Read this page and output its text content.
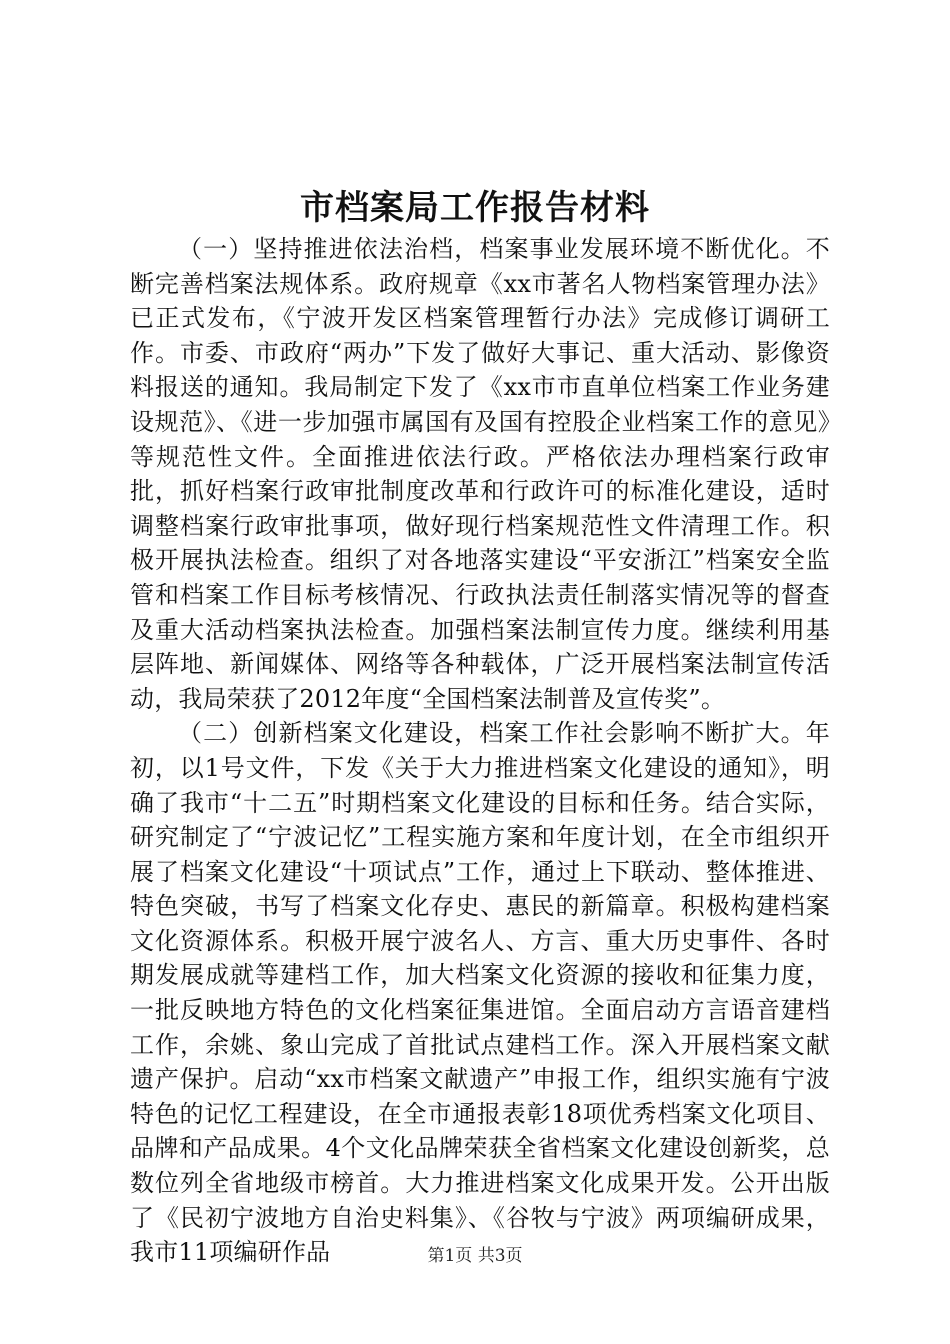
市档案局工作报告材料

（一）坚持推进依法治档，档案事业发展环境不断优化。不断完善档案法规体系。政府规章《xx市著名人物档案管理办法》已正式发布，《宁波开发区档案管理暂行办法》完成修订调研工作。市委、市政府“两办”下发了做好大事记、重大活动、影像资料报送的通知。我局制定下发了《xx市市直单位档案工作业务建设规范》、《进一步加强市属国有及国有控股企业档案工作的意见》等规范性文件。全面推进依法行政。严格依法办理档案行政审批，抓好档案行政审批制度改革和行政许可的标准化建设，适时调整档案行政审批事项，做好现行档案规范性文件清理工作。积极开展执法检查。组织了对各地落实建设“平安浙江”档案安全监管和档案工作目标考核情况、行政执法责任制落实情况等的督查及重大活动档案执法检查。加强档案法制宣传力度。继续利用基层阵地、新闻媒体、网络等各种载体，广泛开展档案法制宣传活动，我局荣获了2012年度“全国档案法制普及宣传奖”。

（二）创新档案文化建设，档案工作社会影响不断扩大。年初，以1号文件，下发《关于大力推进档案文化建设的通知》，明确了我市“十二五”时期档案文化建设的目标和任务。结合实际，研究制定了“宁波记忆”工程实施方案和年度计划，在全市组织开展了档案文化建设“十项试点”工作，通过上下联动、整体推进、特色突破，书写了档案文化存史、惠民的新篇章。积极构建档案文化资源体系。积极开展宁波名人、方言、重大历史事件、各时期发展成就等建档工作，加大档案文化资源的接收和征集力度，一批反映地方特色的文化档案征集进馆。全面启动方言语音建档工作，余姚、象山完成了首批试点建档工作。深入开展档案文献遗产保护。启动“xx市档案文献遗产”申报工作，组织实施有宁波特色的记忆工程建设，在全市通报表彰18项优秀档案文化项目、品牌和产品成果。4个文化品牌荣获全省档案文化建设创新奖，总数位列全省地级市榜首。大力推进档案文化成果开发。公开出版了《民初宁波地方自治史料集》、《谷牧与宁波》两项编研成果，我市11项编研作品	第1页 共3页
